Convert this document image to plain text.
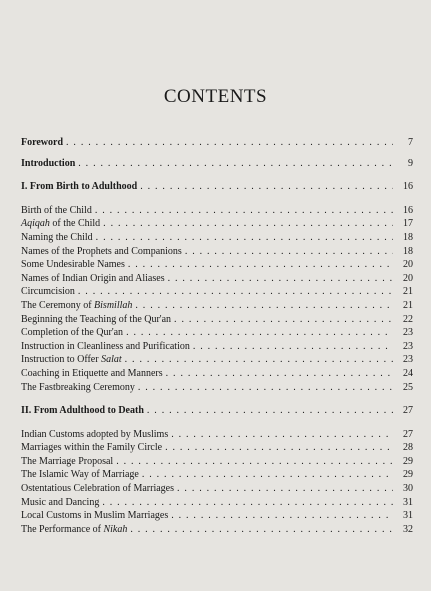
CONTENTS
Foreword . . .	7
Introduction . . .	9
I. From Birth to Adulthood . . .	16
Birth of the Child . . .	16
Aqiqah of the Child . . .	17
Naming the Child . . .	18
Names of the Prophets and Companions . . .	18
Some Undesirable Names . . .	20
Names of Indian Origin and Aliases . . .	20
Circumcision . . .	21
The Ceremony of Bismillah . . .	21
Beginning the Teaching of the Qur'an . . .	22
Completion of the Qur'an . . .	23
Instruction in Cleanliness and Purification . . .	23
Instruction to Offer Salat . . .	23
Coaching in Etiquette and Manners . . .	24
The Fastbreaking Ceremony . . .	25
II. From Adulthood to Death . . .	27
Indian Customs adopted by Muslims . . .	27
Marriages within the Family Circle . . .	28
The Marriage Proposal . . .	29
The Islamic Way of Marriage . . .	29
Ostentatious Celebration of Marriages . . .	30
Music and Dancing . . .	31
Local Customs in Muslim Marriages . . .	31
The Performance of Nikah . . .	32
